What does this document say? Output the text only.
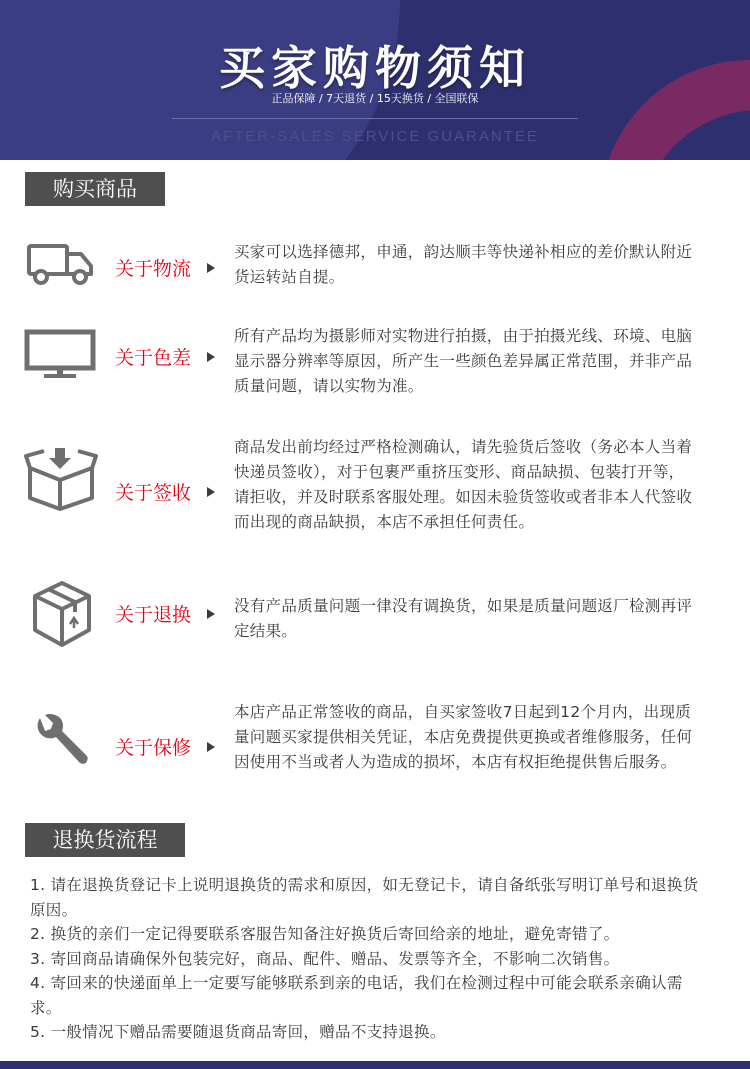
买家购物须知
正品保障 / 7天退货 / 15天换货 / 全国联保
AFTER-SALES SERVICE GUARANTEE
购买商品
关于物流
买家可以选择德邦，申通，韵达顺丰等快递补相应的差价默认附近货运转站自提。
关于色差
所有产品均为摄影师对实物进行拍摄，由于拍摄光线、环境、电脑显示器分辨率等原因，所产生一些颜色差异属正常范围，并非产品质量问题，请以实物为准。
关于签收
商品发出前均经过严格检测确认，请先验货后签收（务必本人当着快递员签收），对于包裹严重挤压变形、商品缺损、包装打开等，请拒收，并及时联系客服处理。如因未验货签收或者非本人代签收而出现的商品缺损，本店不承担任何责任。
关于退换	没有产品质量问题一律没有调换货，如果是质量问题返厂检测再评定结果。
关于保修
本店产品正常签收的商品，自买家签收7日起到12个月内，出现质量问题买家提供相关凭证，本店免费提供更换或者维修服务，任何因使用不当或者人为造成的损坏，本店有权拒绝提供售后服务。
退换货流程
1. 请在退换货登记卡上说明退换货的需求和原因，如无登记卡，请自备纸张写明订单号和退换货原因。
2. 换货的亲们一定记得要联系客服告知备注好换货后寄回给亲的地址，避免寄错了。
3. 寄回商品请确保外包装完好，商品、配件、赠品、发票等齐全，不影响二次销售。
4. 寄回来的快递面单上一定要写能够联系到亲的电话，我们在检测过程中可能会联系亲确认需求。
5. 一般情况下赠品需要随退货商品寄回，赠品不支持退换。
